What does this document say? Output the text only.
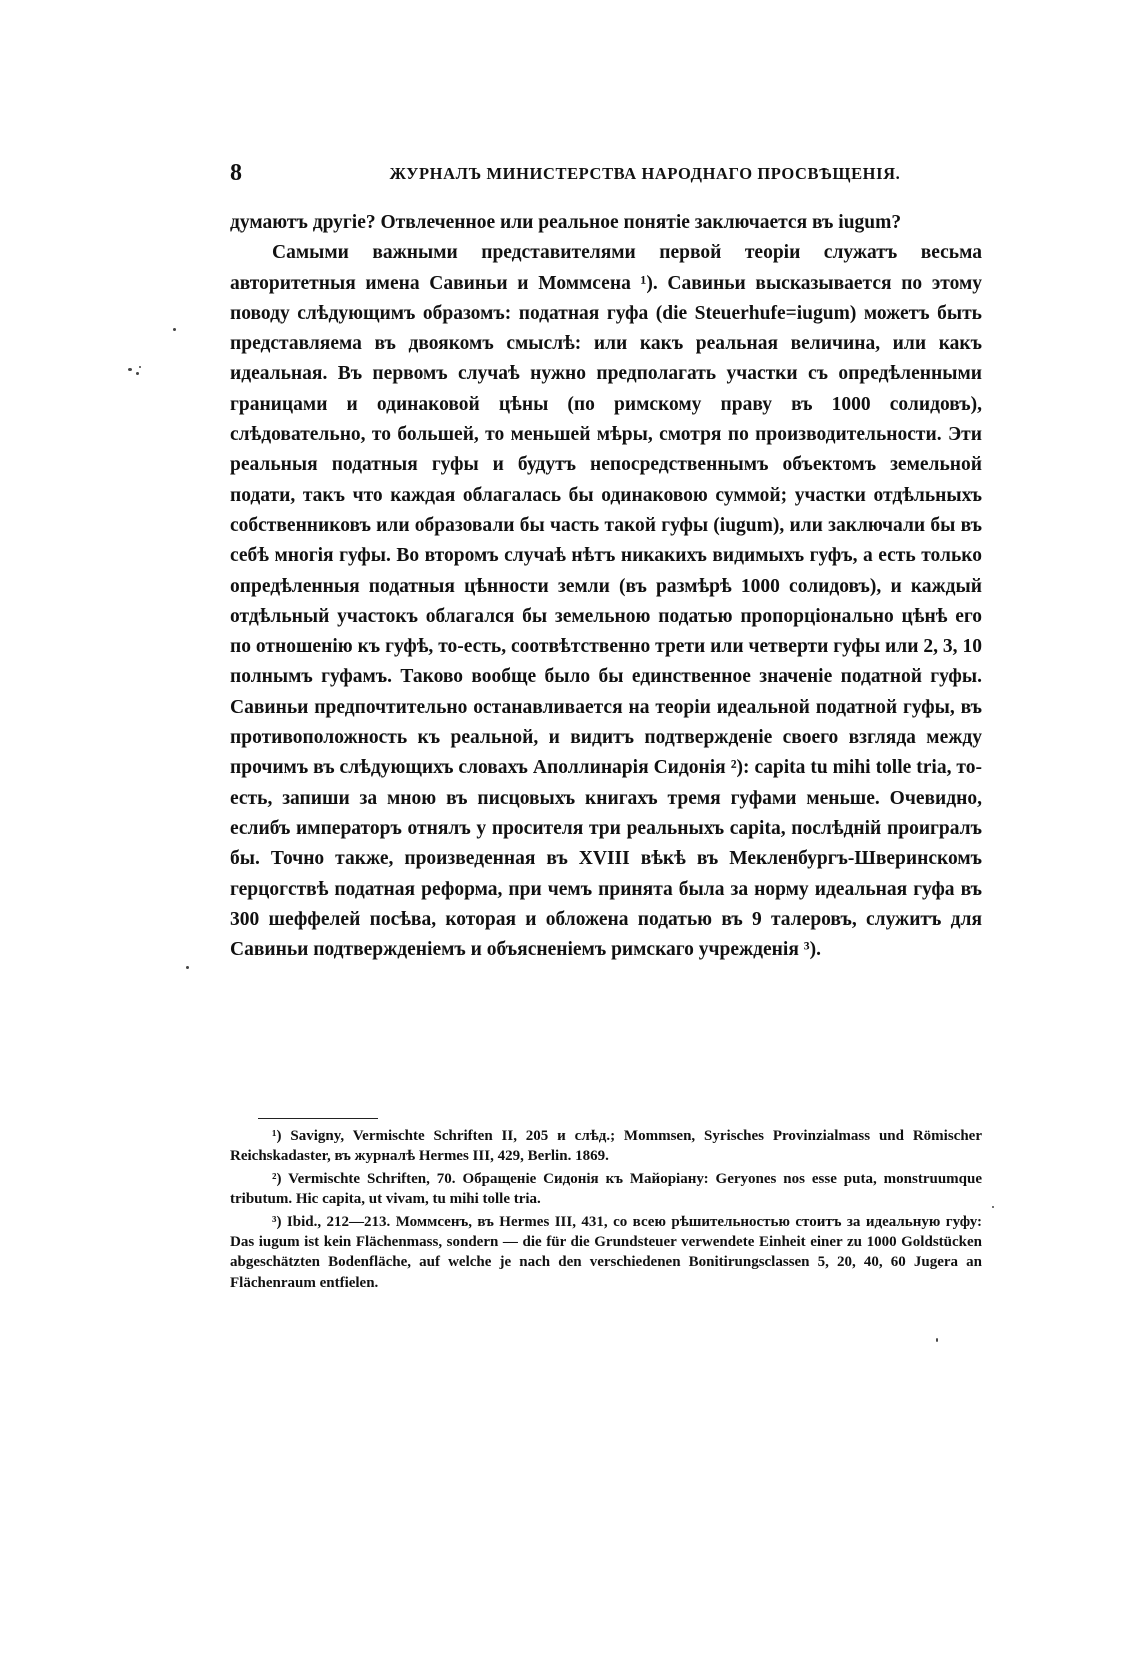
8	ЖУРНАЛЪ МИНИСТЕРСТВА НАРОДНАГО ПРОСВѢЩЕНІЯ.

думаютъ другіе? Отвлеченное или реальное понятіе заключается въ iugum?

Самыми важными представителями первой теоріи служатъ весьма авторитетныя имена Савиньи и Моммсена ¹). Савиньи высказывается по этому поводу слѣдующимъ образомъ: податная гуфа (die Steuerhufe=iugum) можетъ быть представляема въ двоякомъ смыслѣ: или какъ реальная величина, или какъ идеальная. Въ первомъ случаѣ нужно предполагать участки съ опредѣленными границами и одинаковой цѣны (по римскому праву въ 1000 солидовъ), слѣдовательно, то большей, то меньшей мѣры, смотря по производительности. Эти реальныя податныя гуфы и будутъ непосредственнымъ объектомъ земельной подати, такъ что каждая облагалась бы одинаковою суммой; участки отдѣльныхъ собственниковъ или образовали бы часть такой гуфы (iugum), или заключали бы въ себѣ многія гуфы. Во второмъ случаѣ нѣтъ никакихъ видимыхъ гуфъ, а есть только опредѣленныя податныя цѣнности земли (въ размѣрѣ 1000 солидовъ), и каждый отдѣльный участокъ облагался бы земельною податью пропорціонально цѣнѣ его по отношенію къ гуфѣ, то-есть, соотвѣтственно трети или четверти гуфы или 2, 3, 10 полнымъ гуфамъ. Таково вообще было бы единственное значеніе податной гуфы. Савиньи предпочтительно останавливается на теоріи идеальной податной гуфы, въ противоположность къ реальной, и видитъ подтвержденіе своего взгляда между прочимъ въ слѣдующихъ словахъ Аполлинарія Сидонія ²): capita tu mihi tolle tria, то-есть, запиши за мною въ писцовыхъ книгахъ тремя гуфами меньше. Очевидно, еслибъ императоръ отнялъ у просителя три реальныхъ capita, послѣдній проигралъ бы. Точно также, произведенная въ XVIII вѣкѣ въ Мекленбургъ-Шверинскомъ герцогствѣ податная реформа, при чемъ принята была за норму идеальная гуфа въ 300 шеффелей посѣва, которая и обложена податью въ 9 талеровъ, служитъ для Савиньи подтвержденіемъ и объясненіемъ римскаго учрежденія ³).

¹) Savigny, Vermischte Schriften II, 205 и слѣд.; Mommsen, Syrisches Provinzialmass und Römischer Reichskadaster, въ журналѣ Hermes III, 429, Berlin. 1869.

²) Vermischte Schriften, 70. Обращеніе Сидонія къ Майоріану: Geryones nos esse puta, monstruumque tributum. Hic capita, ut vivam, tu mihi tolle tria.

³) Ibid., 212—213. Моммсенъ, въ Hermes III, 431, со всею рѣшительностью стоитъ за идеальную гуфу: Das iugum ist kein Flächenmass, sondern — die für die Grundsteuer verwendete Einheit einer zu 1000 Goldstücken abgeschätzten Bodenfläche, auf welche je nach den verschiedenen Bonitirungsclassen 5, 20, 40, 60 Jugera an Flächenraum entfielen.
